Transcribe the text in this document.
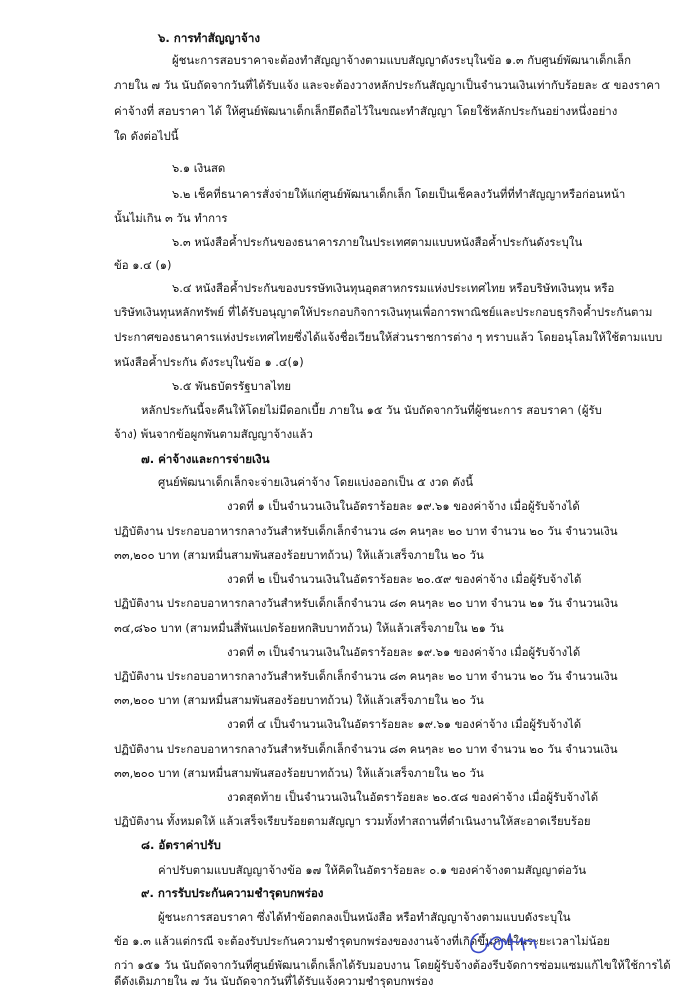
๖. การทำสัญญาจ้าง
ผู้ชนะการสอบราคาจะต้องทำสัญญาจ้างตามแบบสัญญาดังระบุในข้อ ๑.๓ กับศูนย์พัฒนาเด็กเล็ก
ภายใน ๗ วัน นับถัดจากวันที่ได้รับแจ้ง และจะต้องวางหลักประกันสัญญาเป็นจำนวนเงินเท่ากับร้อยละ ๕ ของราคา
ค่าจ้างที่ สอบราคา ได้ ให้ศูนย์พัฒนาเด็กเล็กยึดถือไว้ในขณะทำสัญญา โดยใช้หลักประกันอย่างหนึ่งอย่าง
ใด ดังต่อไปนี้
๖.๑ เงินสด
๖.๒ เช็คที่ธนาคารสั่งจ่ายให้แก่ศูนย์พัฒนาเด็กเล็ก โดยเป็นเช็คลงวันที่ที่ทำสัญญาหรือก่อนหน้า
นั้นไม่เกิน ๓ วัน ทำการ
๖.๓ หนังสือค้ำประกันของธนาคารภายในประเทศตามแบบหนังสือค้ำประกันดังระบุใน
ข้อ ๑.๔ (๑)
๖.๔ หนังสือค้ำประกันของบรรษัทเงินทุนอุตสาหกรรมแห่งประเทศไทย หรือบริษัทเงินทุน หรือ
บริษัทเงินทุนหลักทรัพย์ ที่ได้รับอนุญาตให้ประกอบกิจการเงินทุนเพื่อการพาณิชย์และประกอบธุรกิจค้ำประกันตาม
ประกาศของธนาคารแห่งประเทศไทยซึ่งได้แจ้งชื่อเวียนให้ส่วนราชการต่าง ๆ ทราบแล้ว โดยอนุโลมให้ใช้ตามแบบ
หนังสือค้ำประกัน ดังระบุในข้อ ๑ .๔(๑)
๖.๕ พันธบัตรรัฐบาลไทย
หลักประกันนี้จะคืนให้โดยไม่มีดอกเบี้ย ภายใน ๑๕ วัน นับถัดจากวันที่ผู้ชนะการ สอบราคา (ผู้รับ
จ้าง) พ้นจากข้อผูกพันตามสัญญาจ้างแล้ว
๗. ค่าจ้างและการจ่ายเงิน
ศูนย์พัฒนาเด็กเล็กจะจ่ายเงินค่าจ้าง โดยแบ่งออกเป็น ๕ งวด ดังนี้
งวดที่ ๑ เป็นจำนวนเงินในอัตราร้อยละ ๑๙.๖๑ ของค่าจ้าง เมื่อผู้รับจ้างได้
ปฏิบัติงาน ประกอบอาหารกลางวันสำหรับเด็กเล็กจำนวน ๘๓ คนๆละ ๒๐ บาท จำนวน ๒๐ วัน จำนวนเงิน
๓๓,๒๐๐ บาท (สามหมื่นสามพันสองร้อยบาทถ้วน) ให้แล้วเสร็จภายใน ๒๐ วัน
งวดที่ ๒ เป็นจำนวนเงินในอัตราร้อยละ ๒๐.๕๙ ของค่าจ้าง เมื่อผู้รับจ้างได้
ปฏิบัติงาน ประกอบอาหารกลางวันสำหรับเด็กเล็กจำนวน ๘๓ คนๆละ ๒๐ บาท จำนวน ๒๑ วัน จำนวนเงิน
๓๔,๘๖๐ บาท (สามหมื่นสี่พันแปดร้อยหกสิบบาทถ้วน) ให้แล้วเสร็จภายใน ๒๑ วัน
งวดที่ ๓ เป็นจำนวนเงินในอัตราร้อยละ ๑๙.๖๑ ของค่าจ้าง เมื่อผู้รับจ้างได้
ปฏิบัติงาน ประกอบอาหารกลางวันสำหรับเด็กเล็กจำนวน ๘๓ คนๆละ ๒๐ บาท จำนวน ๒๐ วัน จำนวนเงิน
๓๓,๒๐๐ บาท (สามหมื่นสามพันสองร้อยบาทถ้วน) ให้แล้วเสร็จภายใน ๒๐ วัน
งวดที่ ๔ เป็นจำนวนเงินในอัตราร้อยละ ๑๙.๖๑ ของค่าจ้าง เมื่อผู้รับจ้างได้
ปฏิบัติงาน ประกอบอาหารกลางวันสำหรับเด็กเล็กจำนวน ๘๓ คนๆละ ๒๐ บาท จำนวน ๒๐ วัน จำนวนเงิน
๓๓,๒๐๐ บาท (สามหมื่นสามพันสองร้อยบาทถ้วน) ให้แล้วเสร็จภายใน ๒๐ วัน
งวดสุดท้าย เป็นจำนวนเงินในอัตราร้อยละ ๒๐.๕๘ ของค่าจ้าง เมื่อผู้รับจ้างได้
ปฏิบัติงาน ทั้งหมดให้ แล้วเสร็จเรียบร้อยตามสัญญา รวมทั้งทำสถานที่ดำเนินงานให้สะอาดเรียบร้อย
๘. อัตราค่าปรับ
ค่าปรับตามแบบสัญญาจ้างข้อ ๑๗ ให้คิดในอัตราร้อยละ ๐.๑ ของค่าจ้างตามสัญญาต่อวัน
๙. การรับประกันความชำรุดบกพร่อง
ผู้ชนะการสอบราคา ซึ่งได้ทำข้อตกลงเป็นหนังสือ หรือทำสัญญาจ้างตามแบบดังระบุใน
ข้อ ๑.๓ แล้วแต่กรณี จะต้องรับประกันความชำรุดบกพร่องของงานจ้างที่เกิดขึ้นภายในระยะเวลาไม่น้อย
กว่า ๑๕๑ วัน นับถัดจากวันที่ศูนย์พัฒนาเด็กเล็กได้รับมอบงาน โดยผู้รับจ้างต้องรีบจัดการซ่อมแซมแก้ไขให้ใช้การได้
ดีดังเดิมภายใน ๗ วัน นับถัดจากวันที่ได้รับแจ้งความชำรุดบกพร่อง
